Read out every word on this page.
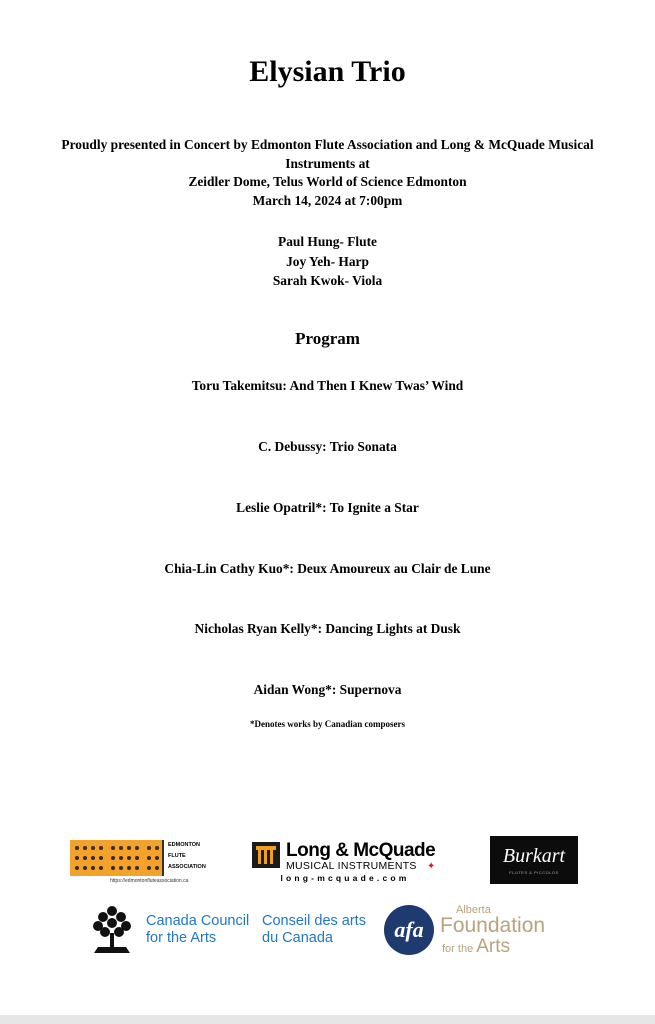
Elysian Trio
Proudly presented in Concert by Edmonton Flute Association and Long & McQuade Musical
Instruments at
Zeidler Dome, Telus World of Science Edmonton
March 14, 2024 at 7:00pm
Paul Hung- Flute
Joy Yeh- Harp
Sarah Kwok- Viola
Program
Toru Takemitsu: And Then I Knew Twas’ Wind
C. Debussy: Trio Sonata
Leslie Opatril*: To Ignite a Star
Chia-Lin Cathy Kuo*: Deux Amoureux au Clair de Lune
Nicholas Ryan Kelly*: Dancing Lights at Dusk
Aidan Wong*: Supernova
*Denotes works by Canadian composers
EDMONTON
FLUTE
ASSOCIATION
https://edmontonfluteassociation.ca
Long & McQuade
MUSICAL INSTRUMENTS ✦
long-mcquade.com
Burkart
FLUTES & PICCOLOS
Canada Council
for the Arts
Conseil des arts
du Canada	afa
Alberta
Foundation
for the Arts
